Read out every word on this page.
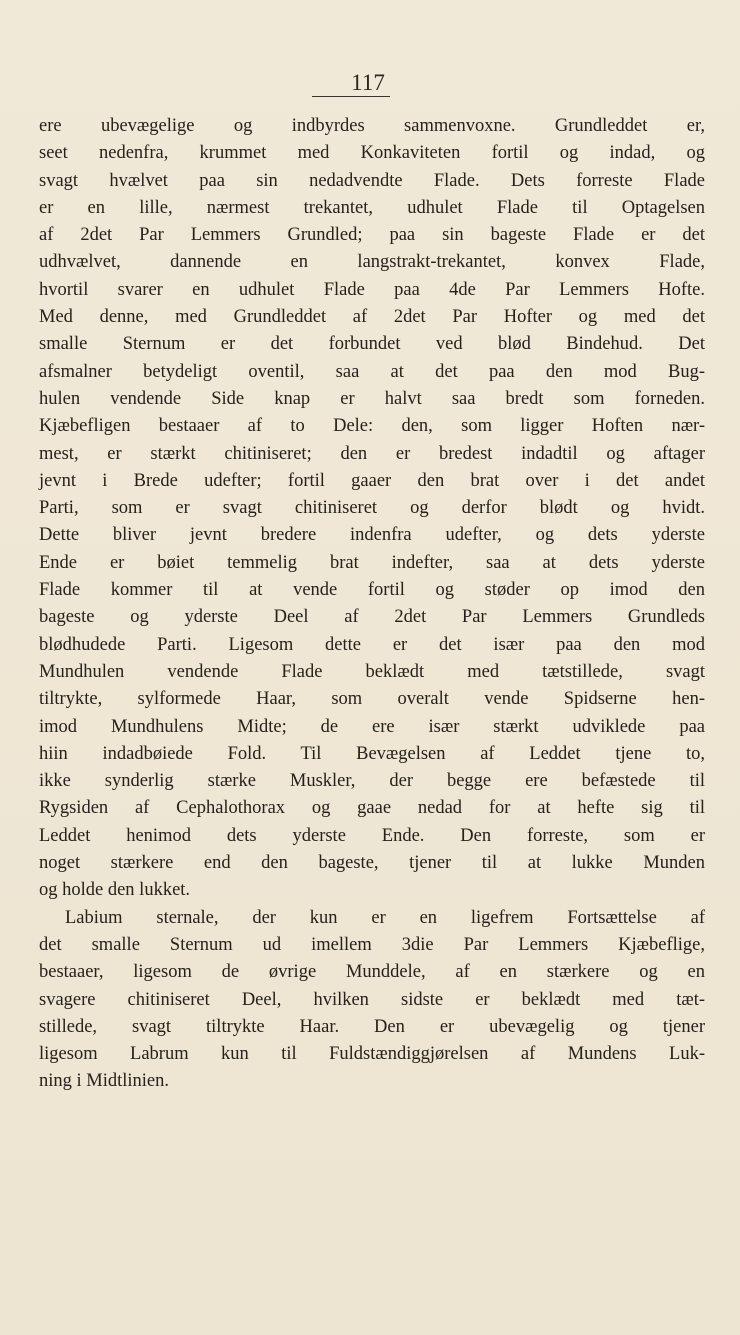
117
ere ubevægelige og indbyrdes sammenvoxne. Grundleddet er,
seet nedenfra, krummet med Konkaviteten fortil og indad, og
svagt hvælvet paa sin nedadvendte Flade. Dets forreste Flade
er en lille, nærmest trekantet, udhulet Flade til Optagelsen
af 2det Par Lemmers Grundled; paa sin bageste Flade er det
udhvælvet, dannende en langstrakt-trekantet, konvex Flade,
hvortil svarer en udhulet Flade paa 4de Par Lemmers Hofte.
Med denne, med Grundleddet af 2det Par Hofter og med det
smalle Sternum er det forbundet ved blød Bindehud. Det
afsmalner betydeligt oventil, saa at det paa den mod Bug-
hulen vendende Side knap er halvt saa bredt som forneden.
Kjæbefligen bestaaer af to Dele: den, som ligger Hoften nær-
mest, er stærkt chitiniseret; den er bredest indadtil og aftager
jevnt i Brede udefter; fortil gaaer den brat over i det andet
Parti, som er svagt chitiniseret og derfor blødt og hvidt.
Dette bliver jevnt bredere indenfra udefter, og dets yderste
Ende er bøiet temmelig brat indefter, saa at dets yderste
Flade kommer til at vende fortil og støder op imod den
bageste og yderste Deel af 2det Par Lemmers Grundleds
blødhudede Parti. Ligesom dette er det især paa den mod
Mundhulen vendende Flade beklædt med tætstillede, svagt
tiltrykte, sylformede Haar, som overalt vende Spidserne hen-
imod Mundhulens Midte; de ere især stærkt udviklede paa
hiin indadbøiede Fold. Til Bevægelsen af Leddet tjene to,
ikke synderlig stærke Muskler, der begge ere befæstede til
Rygsiden af Cephalothorax og gaae nedad for at hefte sig til
Leddet henimod dets yderste Ende. Den forreste, som er
noget stærkere end den bageste, tjener til at lukke Munden
og holde den lukket.
Labium sternale, der kun er en ligefrem Fortsættelse af
det smalle Sternum ud imellem 3die Par Lemmers Kjæbeflige,
bestaaer, ligesom de øvrige Munddele, af en stærkere og en
svagere chitiniseret Deel, hvilken sidste er beklædt med tæt-
stillede, svagt tiltrykte Haar. Den er ubevægelig og tjener
ligesom Labrum kun til Fuldstændiggjørelsen af Mundens Luk-
ning i Midtlinien.
